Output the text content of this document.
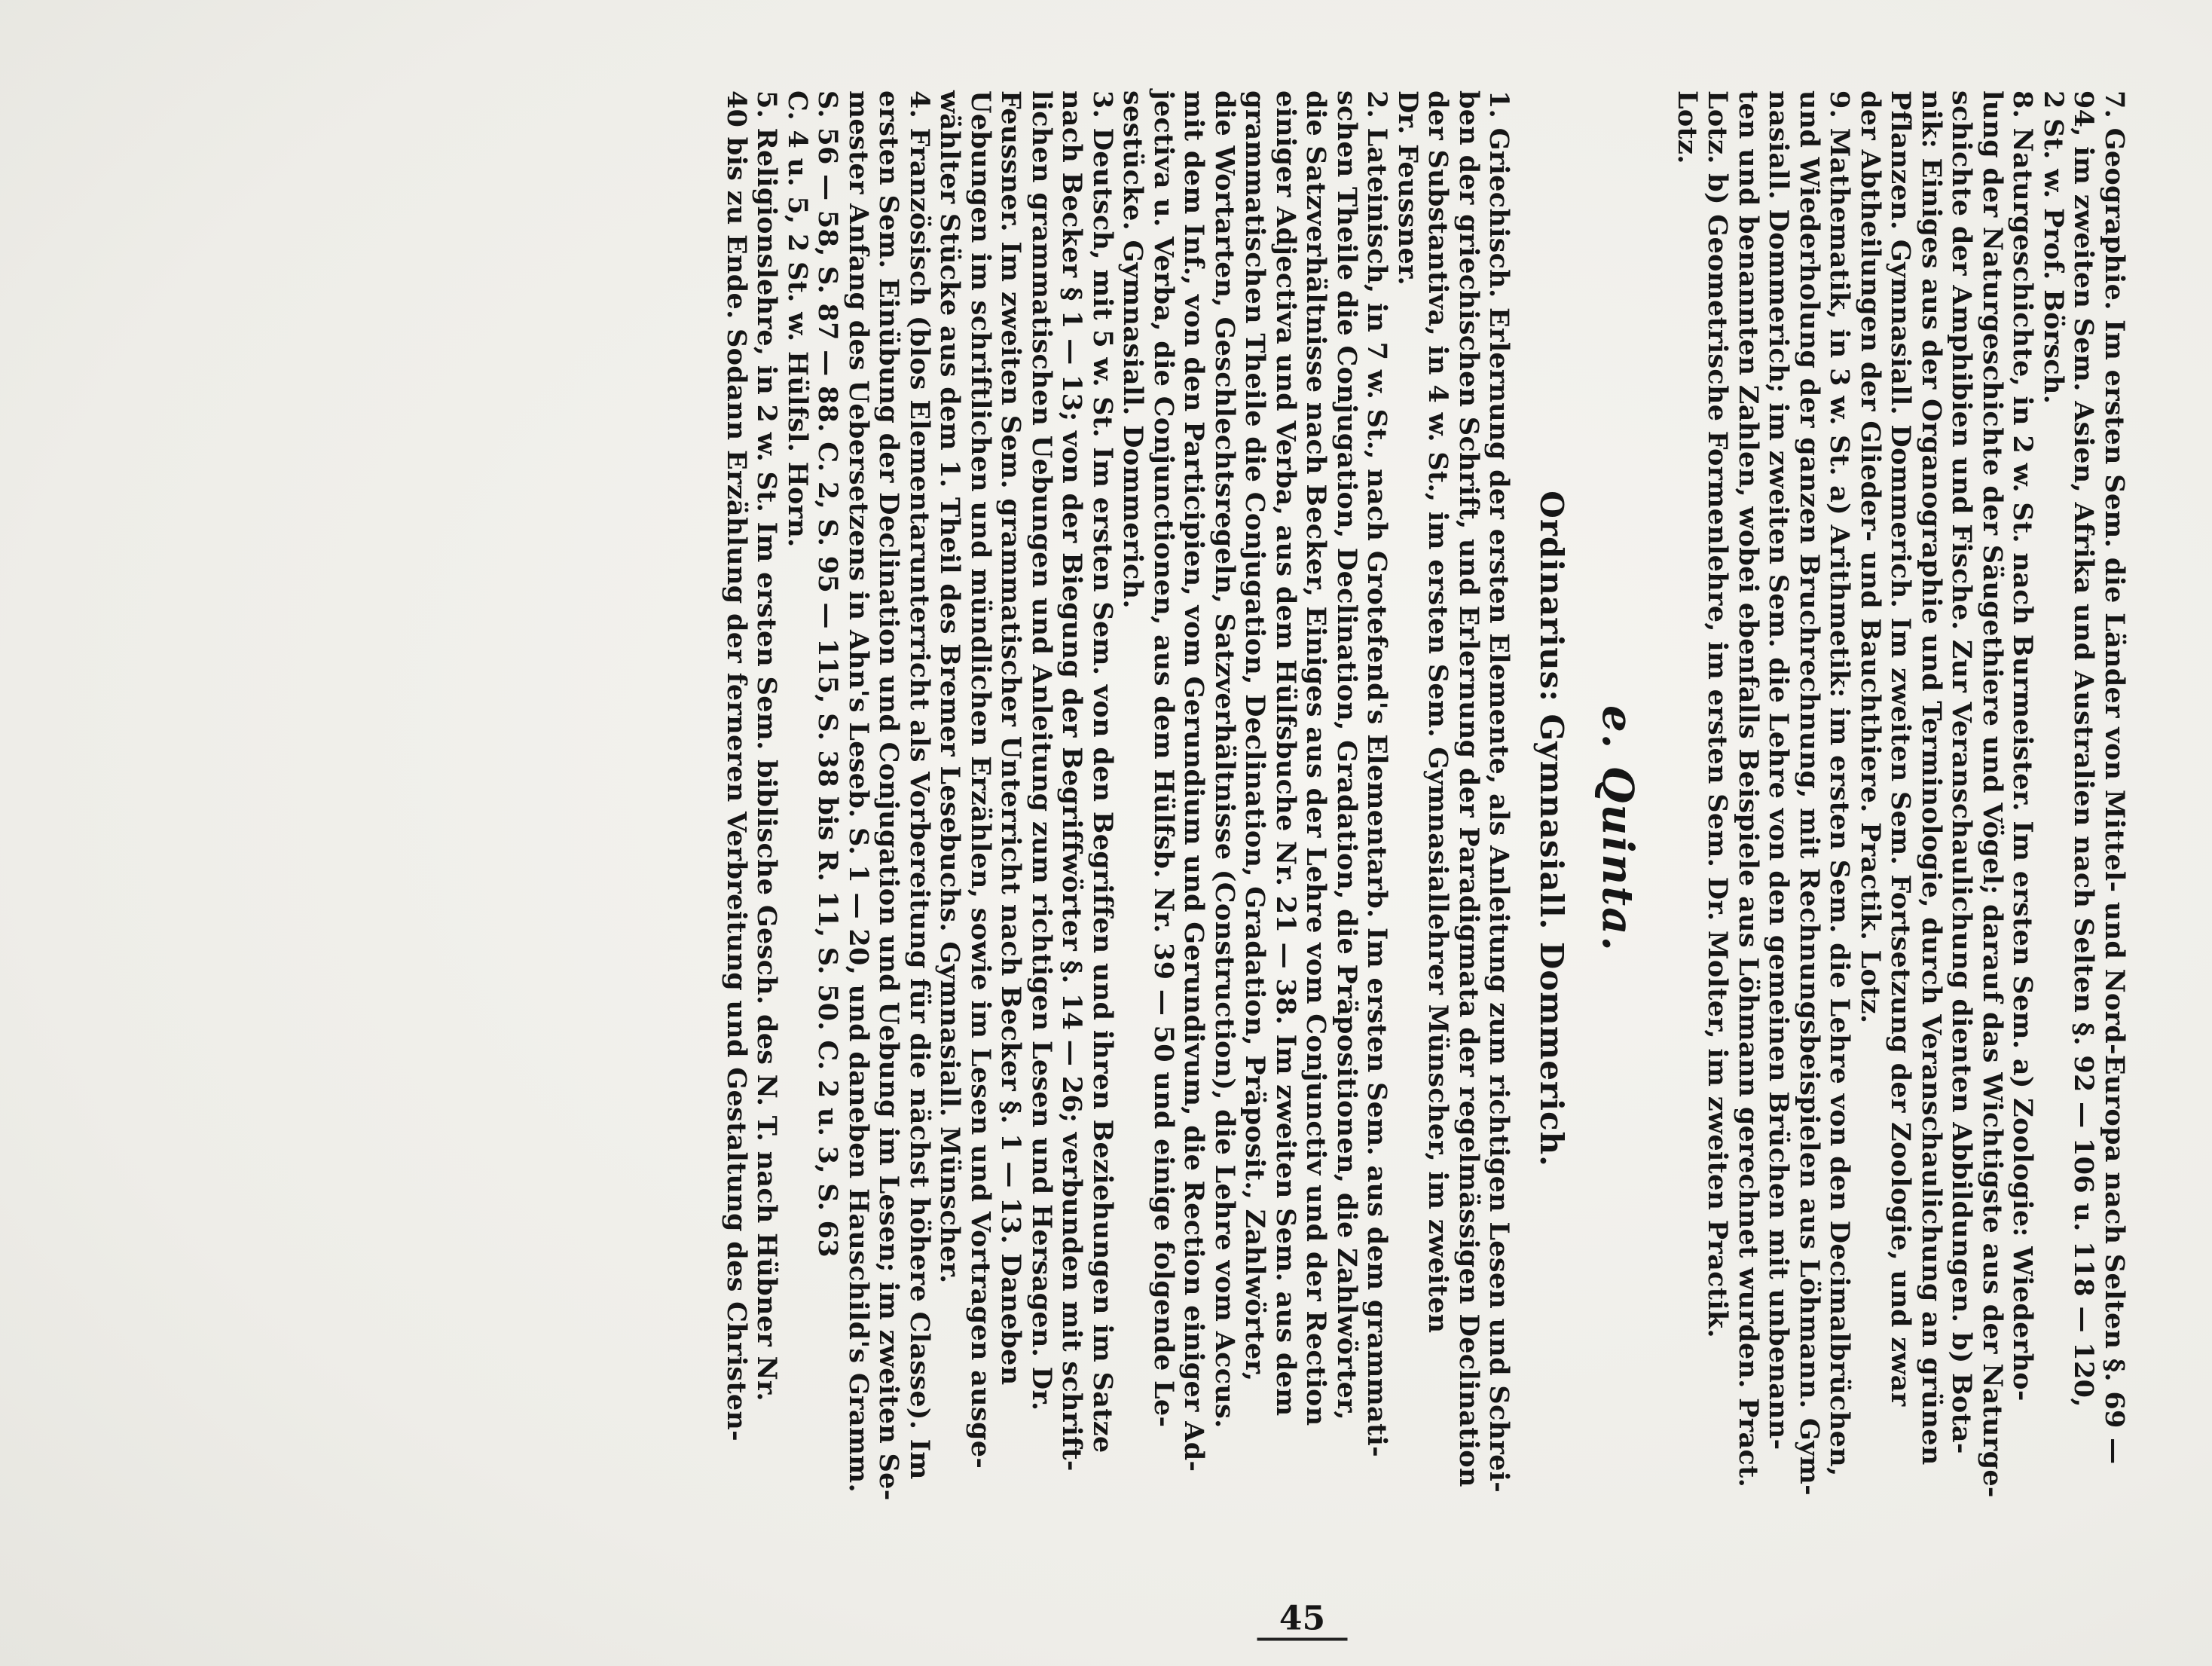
7. Geographie. Im ersten Sem. die Länder von Mittel- und Nord-Europa nach Selten §. 69 —
94, im zweiten Sem. Asien, Afrika und Australien nach Selten §. 92 — 106 u. 118 — 120,
2 St. w. Prof. Börsch.
8. Naturgeschichte, in 2 w. St. nach Burmeister. Im ersten Sem. a) Zoologie: Wiederho-
lung der Naturgeschichte der Säugethiere und Vögel; darauf das Wichtigste aus der Naturge-
schichte der Amphibien und Fische. Zur Veranschaulichung dienten Abbildungen. b) Bota-
nik: Einiges aus der Organographie und Terminologie, durch Veranschaulichung an grünen
Pflanzen. Gymnasiall. Dommerich. Im zweiten Sem. Fortsetzung der Zoologie, und zwar
der Abtheilungen der Glieder- und Bauchthiere. Practik. Lotz.
9. Mathematik, in 3 w. St. a) Arithmetik: im ersten Sem. die Lehre von den Decimalbrüchen,
und Wiederholung der ganzen Bruchrechnung, mit Rechnungsbeispielen aus Löhmann. Gym-
nasiall. Dommerich; im zweiten Sem. die Lehre von den gemeinen Brüchen mit unbenann-
ten und benannten Zahlen, wobei ebenfalls Beispiele aus Löhmann gerechnet wurden. Pract.
Lotz. b) Geometrische Formenlehre, im ersten Sem. Dr. Molter, im zweiten Practik.
Lotz.
e. Quinta.
Ordinarius: Gymnasiall. Dommerich.
1. Griechisch. Erlernung der ersten Elemente, als Anleitung zum richtigen Lesen und Schrei-
ben der griechischen Schrift, und Erlernung der Paradigmata der regelmässigen Declination
der Substantiva, in 4 w. St., im ersten Sem. Gymnasiallehrer Münscher, im zweiten
Dr. Feussner.
2. Lateinisch, in 7 w. St., nach Grotefend's Elementarb. Im ersten Sem. aus dem grammati-
schen Theile die Conjugation, Declination, Gradation, die Präpositionen, die Zahlwörter,
die Satzverhältnisse nach Becker, Einiges aus der Lehre vom Conjunctiv und der Rection
einiger Adjectiva und Verba, aus dem Hülfsbuche Nr. 21 — 38. Im zweiten Sem. aus dem
grammatischen Theile die Conjugation, Declination, Gradation, Präposit., Zahlwörter,
die Wortarten, Geschlechtsregeln, Satzverhältnisse (Construction), die Lehre vom Accus.
mit dem Inf., von den Participien, vom Gerundium und Gerundivum, die Rection einiger Ad-
jectiva u. Verba, die Conjunctionen, aus dem Hülfsb. Nr. 39 — 50 und einige folgende Le-
sestücke. Gymnasiall. Dommerich.
3. Deutsch, mit 5 w. St. Im ersten Sem. von den Begriffen und ihren Beziehungen im Satze
nach Becker § 1 — 13; von der Biegung der Begriffwörter §. 14 — 26; verbunden mit schrift-
lichen grammatischen Uebungen und Anleitung zum richtigen Lesen und Hersagen. Dr.
Feussner. Im zweiten Sem. grammatischer Unterricht nach Becker §. 1 — 13. Daneben
Uebungen im schriftlichen und mündlichen Erzählen, sowie im Lesen und Vortragen ausge-
wählter Stücke aus dem 1. Theil des Bremer Lesebuchs. Gymnasiall. Münscher.
4. Französisch (blos Elementarunterricht als Vorbereitung für die nächst höhere Classe). Im
ersten Sem. Einübung der Declination und Conjugation und Uebung im Lesen; im zweiten Se-
mester Anfang des Uebersetzens in Ahn's Leseb. S. 1 — 20, und daneben Hauschild's Gramm.
S. 56 — 58, S. 87 — 88. C. 2, S. 95 — 115, S. 38 bis R. 11, S. 50. C. 2 u. 3, S. 63
C. 4 u. 5, 2 St. w. Hülfsl. Horn.
5. Religionslehre, in 2 w. St. Im ersten Sem. biblische Gesch. des N. T. nach Hübner Nr.
40 bis zu Ende. Sodann Erzählung der ferneren Verbreitung und Gestaltung des Christen-
45
